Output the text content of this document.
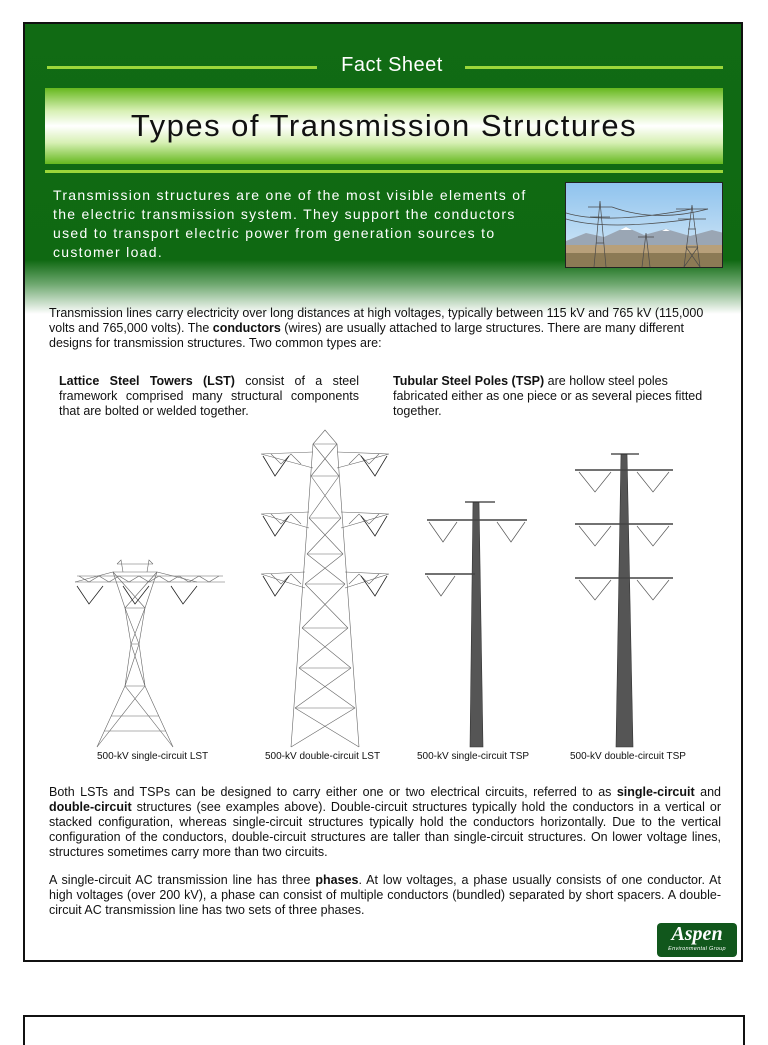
Fact Sheet
Types of Transmission Structures

Transmission structures are one of the most visible elements of the electric transmission system. They support the conductors used to transport electric power from generation sources to customer load.

Transmission lines carry electricity over long distances at high voltages, typically between 115 kV and 765 kV (115,000 volts and 765,000 volts). The conductors (wires) are usually attached to large structures. There are many different designs for transmission structures. Two common types are:

Lattice Steel Towers (LST) consist of a steel framework comprised many structural components that are bolted or welded together.

Tubular Steel Poles (TSP) are hollow steel poles fabricated either as one piece or as several pieces fitted together.

500-kV single-circuit LST	500-kV double-circuit LST	500-kV single-circuit TSP	500-kV double-circuit TSP

Both LSTs and TSPs can be designed to carry either one or two electrical circuits, referred to as single-circuit and double-circuit structures (see examples above). Double-circuit structures typically hold the conductors in a vertical or stacked configuration, whereas single-circuit structures typically hold the conductors horizontally. Due to the vertical configuration of the conductors, double-circuit structures are taller than single-circuit structures. On lower voltage lines, structures sometimes carry more than two circuits.

A single-circuit AC transmission line has three phases. At low voltages, a phase usually consists of one conductor. At high voltages (over 200 kV), a phase can consist of multiple conductors (bundled) separated by short spacers. A double-circuit AC transmission line has two sets of three phases.

Aspen
Environmental Group
